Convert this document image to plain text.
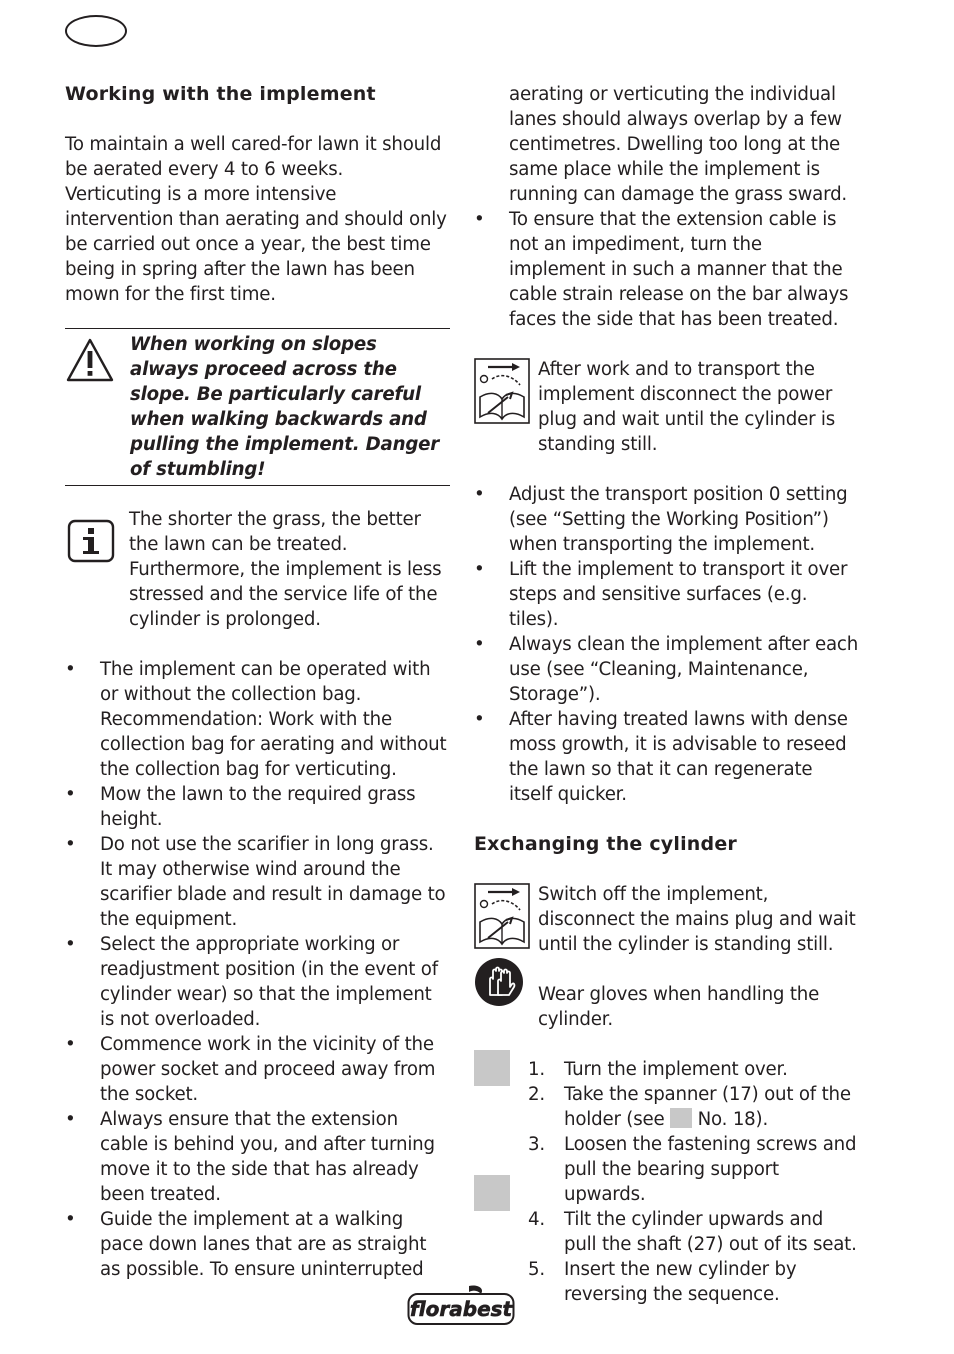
Working with the implement

To maintain a well cared-for lawn it should be aerated every 4 to 6 weeks.

Verticuting is a more intensive intervention than aerating and should only be carried out once a year, the best time being in spring after the lawn has been mown for the first time.

When working on slopes always proceed across the slope. Be particularly careful when walking backwards and pulling the implement. Danger of stumbling!

The shorter the grass, the better the lawn can be treated. Furthermore, the implement is less stressed and the service life of the cylinder is prolonged.

• The implement can be operated with or without the collection bag. Recommendation: Work with the collection bag for aerating and without the collection bag for verticuting.
• Mow the lawn to the required grass height.
• Do not use the scarifier in long grass. It may otherwise wind around the scarifier blade and result in damage to the equipment.
• Select the appropriate working or readjustment position (in the event of cylinder wear) so that the implement is not overloaded.
• Commence work in the vicinity of the power socket and proceed away from the socket.
• Always ensure that the extension cable is behind you, and after turning move it to the side that has already been treated.
• Guide the implement at a walking pace down lanes that are as straight as possible. To ensure uninterrupted
aerating or verticuting the individual lanes should always overlap by a few centimetres. Dwelling too long at the same place while the implement is running can damage the grass sward.
• To ensure that the extension cable is not an impediment, turn the implement in such a manner that the cable strain release on the bar always faces the side that has been treated.

After work and to transport the implement disconnect the power plug and wait until the cylinder is standing still.

• Adjust the transport position 0 setting (see “Setting the Working Position”) when transporting the implement.
• Lift the implement to transport it over steps and sensitive surfaces (e.g. tiles).
• Always clean the implement after each use (see “Cleaning, Maintenance, Storage”).
• After having treated lawns with dense moss growth, it is advisable to reseed the lawn so that it can regenerate itself quicker.
Exchanging the cylinder

Switch off the implement, disconnect the mains plug and wait until the cylinder is standing still.

Wear gloves when handling the cylinder.

1. Turn the implement over.
2. Take the spanner (17) out of the holder (see No. 18).
3. Loosen the fastening screws and pull the bearing support upwards.
4. Tilt the cylinder upwards and pull the shaft (27) out of its seat.
5. Insert the new cylinder by reversing the sequence.
florabest
